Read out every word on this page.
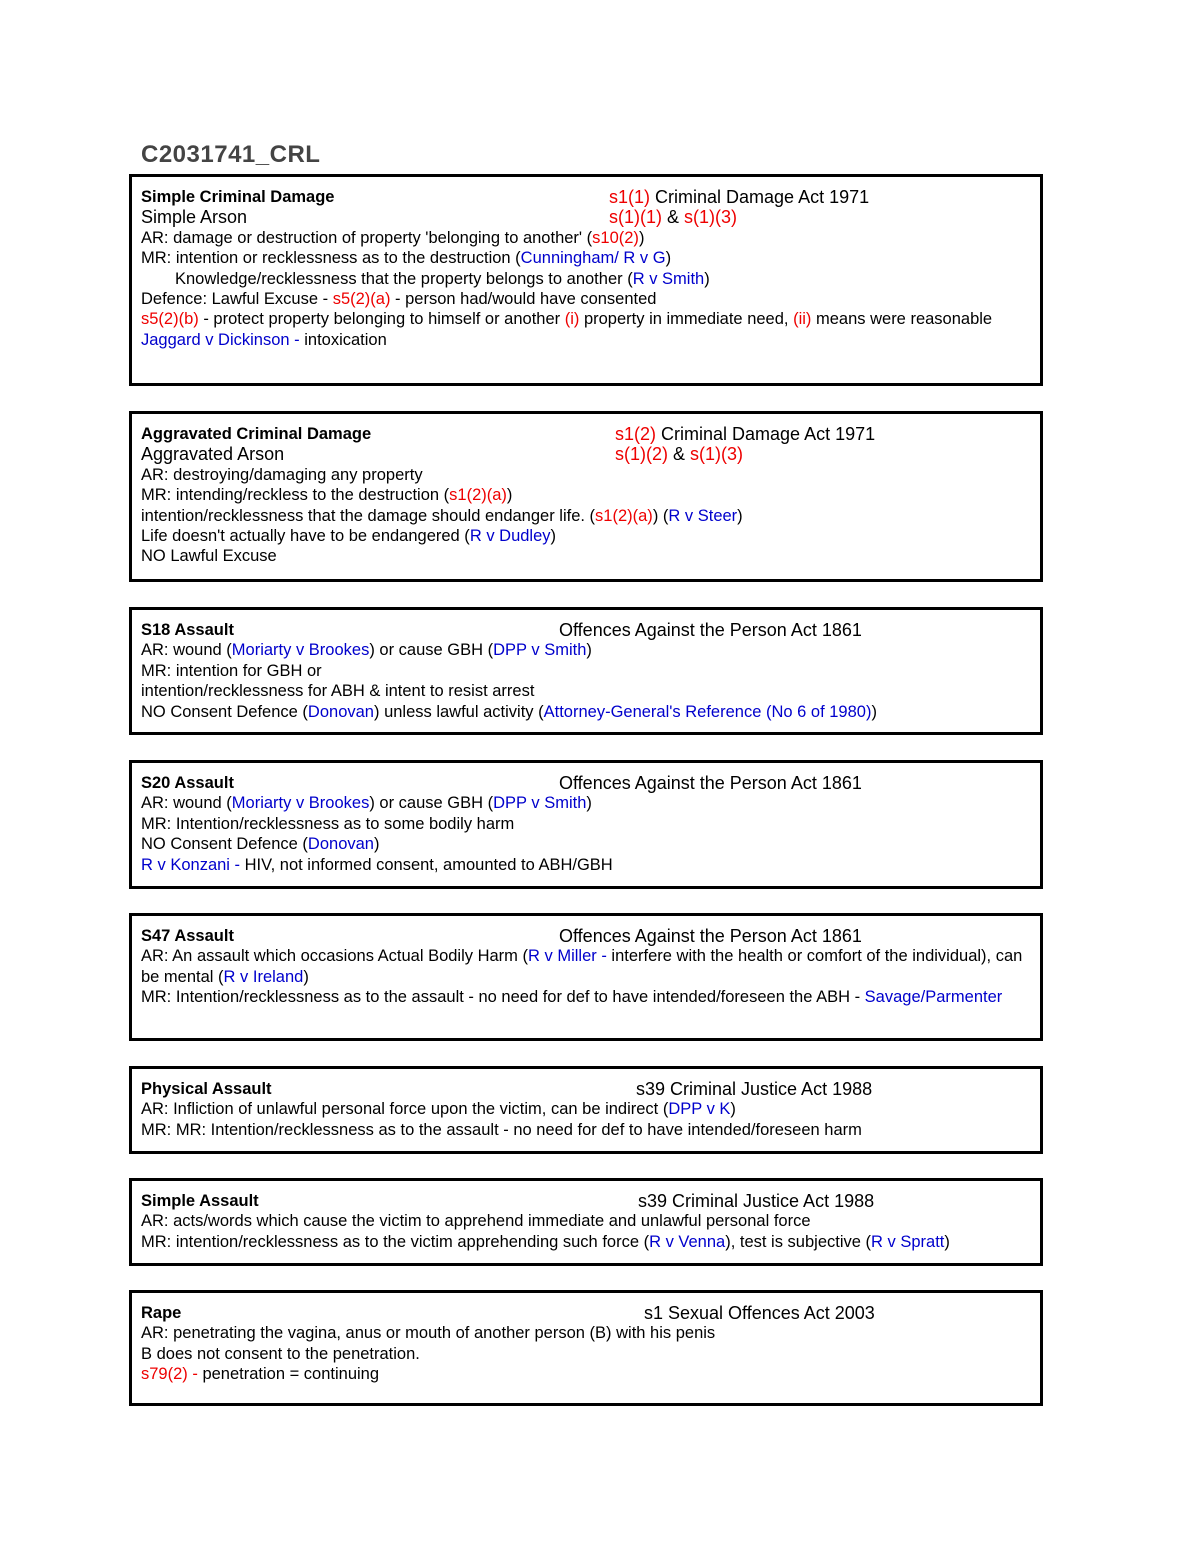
C2031741_CRL
Simple Criminal Damage	s1(1) Criminal Damage Act 1971
Simple Arson	s(1)(1) & s(1)(3)
AR: damage or destruction of property 'belonging to another' (s10(2))
MR: intention or recklessness as to the destruction (Cunningham/ R v G)
Knowledge/recklessness that the property belongs to another (R v Smith)
Defence: Lawful Excuse - s5(2)(a) - person had/would have consented
s5(2)(b) - protect property belonging to himself or another (i) property in immediate need, (ii) means were reasonable
Jaggard v Dickinson - intoxication
Aggravated Criminal Damage	s1(2) Criminal Damage Act 1971
Aggravated Arson	s(1)(2) & s(1)(3)
AR: destroying/damaging any property
MR: intending/reckless to the destruction (s1(2)(a))
intention/recklessness that the damage should endanger life. (s1(2)(a)) (R v Steer)
Life doesn't actually have to be endangered (R v Dudley)
NO Lawful Excuse
S18 Assault	Offences Against the Person Act 1861
AR: wound (Moriarty v Brookes) or cause GBH (DPP v Smith)
MR: intention for GBH or
intention/recklessness for ABH & intent to resist arrest
NO Consent Defence (Donovan) unless lawful activity (Attorney-General's Reference (No 6 of 1980))
S20 Assault	Offences Against the Person Act 1861
AR: wound (Moriarty v Brookes) or cause GBH (DPP v Smith)
MR: Intention/recklessness as to some bodily harm
NO Consent Defence (Donovan)
R v Konzani - HIV, not informed consent, amounted to ABH/GBH
S47 Assault	Offences Against the Person Act 1861
AR: An assault which occasions Actual Bodily Harm (R v Miller - interfere with the health or comfort of the individual), can be mental (R v Ireland)
MR: Intention/recklessness as to the assault - no need for def to have intended/foreseen the ABH - Savage/Parmenter
Physical Assault	s39 Criminal Justice Act 1988
AR: Infliction of unlawful personal force upon the victim, can be indirect (DPP v K)
MR: MR: Intention/recklessness as to the assault - no need for def to have intended/foreseen harm
Simple Assault	s39 Criminal Justice Act 1988
AR: acts/words which cause the victim to apprehend immediate and unlawful personal force
MR: intention/recklessness as to the victim apprehending such force (R v Venna), test is subjective (R v Spratt)
Rape	s1 Sexual Offences Act 2003
AR: penetrating the vagina, anus or mouth of another person (B) with his penis
B does not consent to the penetration.
s79(2) - penetration = continuing
